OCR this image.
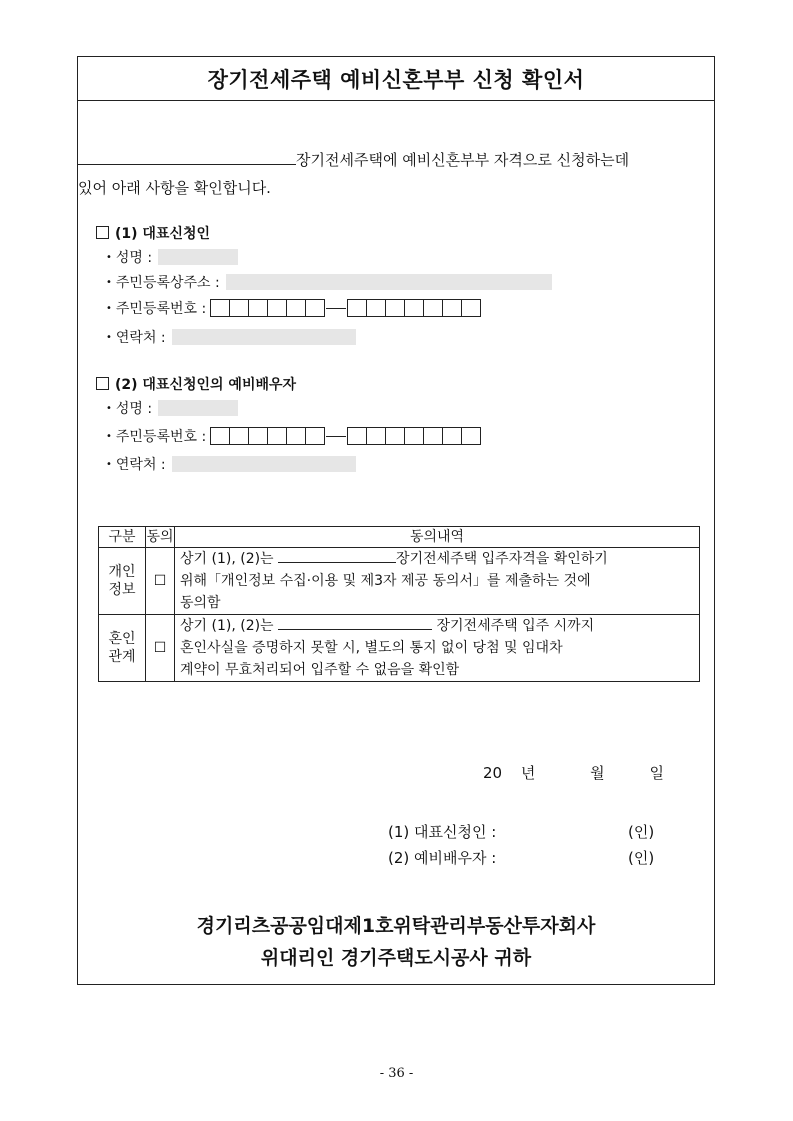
장기전세주택 예비신혼부부 신청 확인서
장기전세주택에 예비신혼부부 자격으로 신청하는데
있어 아래 사항을 확인합니다.
(1) 대표신청인
• 성명 :
• 주민등록상주소 :
• 주민등록번호 :
• 연락처 :
(2) 대표신청인의 예비배우자
• 성명 :
• 주민등록번호 :
• 연락처 :
구분	동의	동의내역
개인
정보	☐	상기 (1), (2)는 장기전세주택 입주자격을 확인하기
위해「개인정보 수집·이용 및 제3자 제공 동의서」를 제출하는 것에
동의함
혼인
관계	☐	상기 (1), (2)는 장기전세주택 입주 시까지
혼인사실을 증명하지 못할 시, 별도의 통지 없이 당첨 및 임대차
계약이 무효처리되어 입주할 수 없음을 확인함
20 년	월	일
(1) 대표신청인 :	(인)
(2) 예비배우자 :	(인)
경기리츠공공임대제1호위탁관리부동산투자회사
위대리인 경기주택도시공사 귀하
- 36 -
